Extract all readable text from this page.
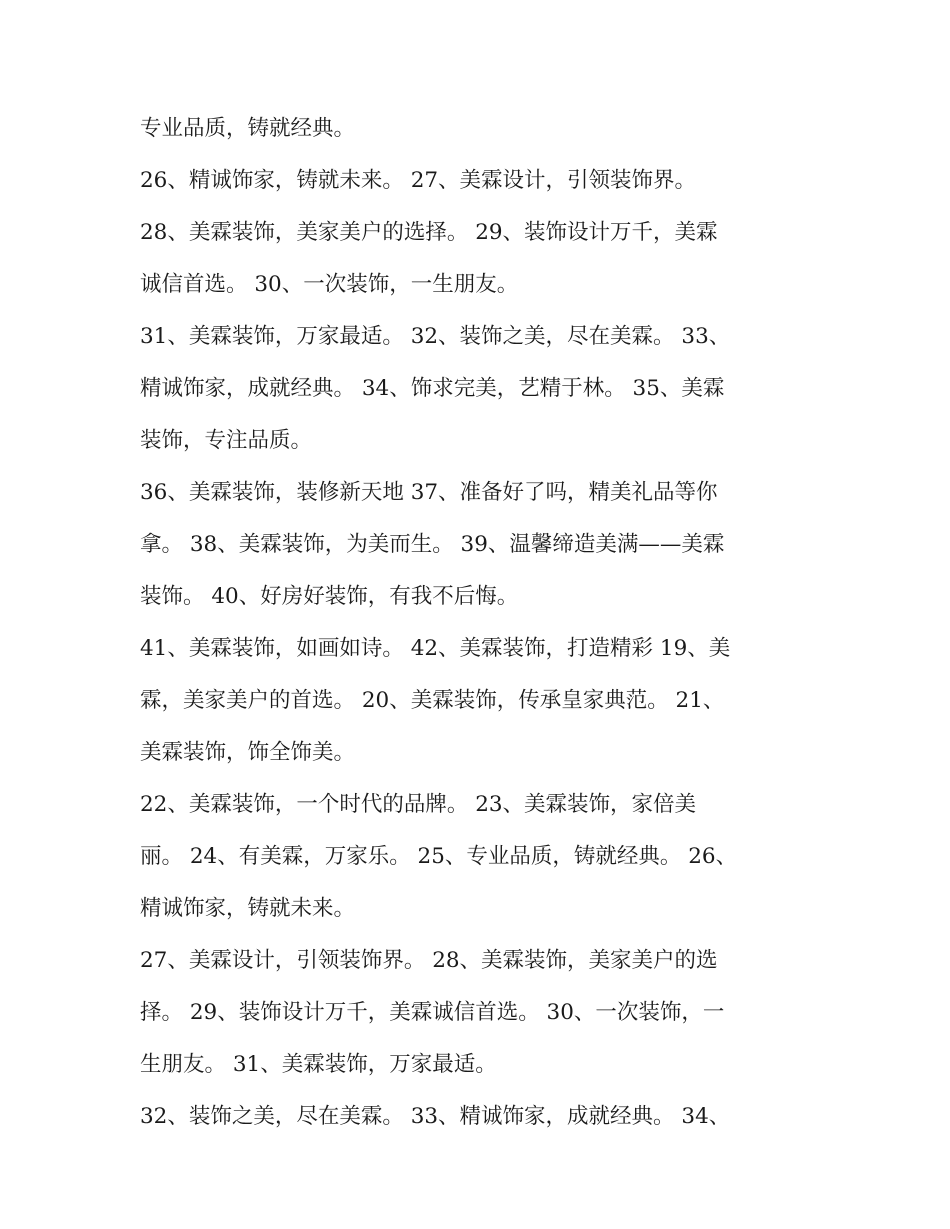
专业品质，铸就经典。
26、精诚饰家，铸就未来。 27、美霖设计，引领装饰界。
28、美霖装饰，美家美户的选择。 29、装饰设计万千，美霖
诚信首选。 30、一次装饰，一生朋友。
31、美霖装饰，万家最适。 32、装饰之美，尽在美霖。 33、
精诚饰家，成就经典。 34、饰求完美，艺精于林。 35、美霖
装饰，专注品质。
36、美霖装饰，装修新天地 37、准备好了吗，精美礼品等你
拿。 38、美霖装饰，为美而生。 39、温馨缔造美满——美霖
装饰。 40、好房好装饰，有我不后悔。
41、美霖装饰，如画如诗。 42、美霖装饰，打造精彩 19、美
霖，美家美户的首选。 20、美霖装饰，传承皇家典范。 21、
美霖装饰，饰全饰美。
22、美霖装饰，一个时代的品牌。 23、美霖装饰，家倍美
丽。 24、有美霖，万家乐。 25、专业品质，铸就经典。 26、
精诚饰家，铸就未来。
27、美霖设计，引领装饰界。 28、美霖装饰，美家美户的选
择。 29、装饰设计万千，美霖诚信首选。 30、一次装饰，一
生朋友。 31、美霖装饰，万家最适。
32、装饰之美，尽在美霖。 33、精诚饰家，成就经典。 34、
